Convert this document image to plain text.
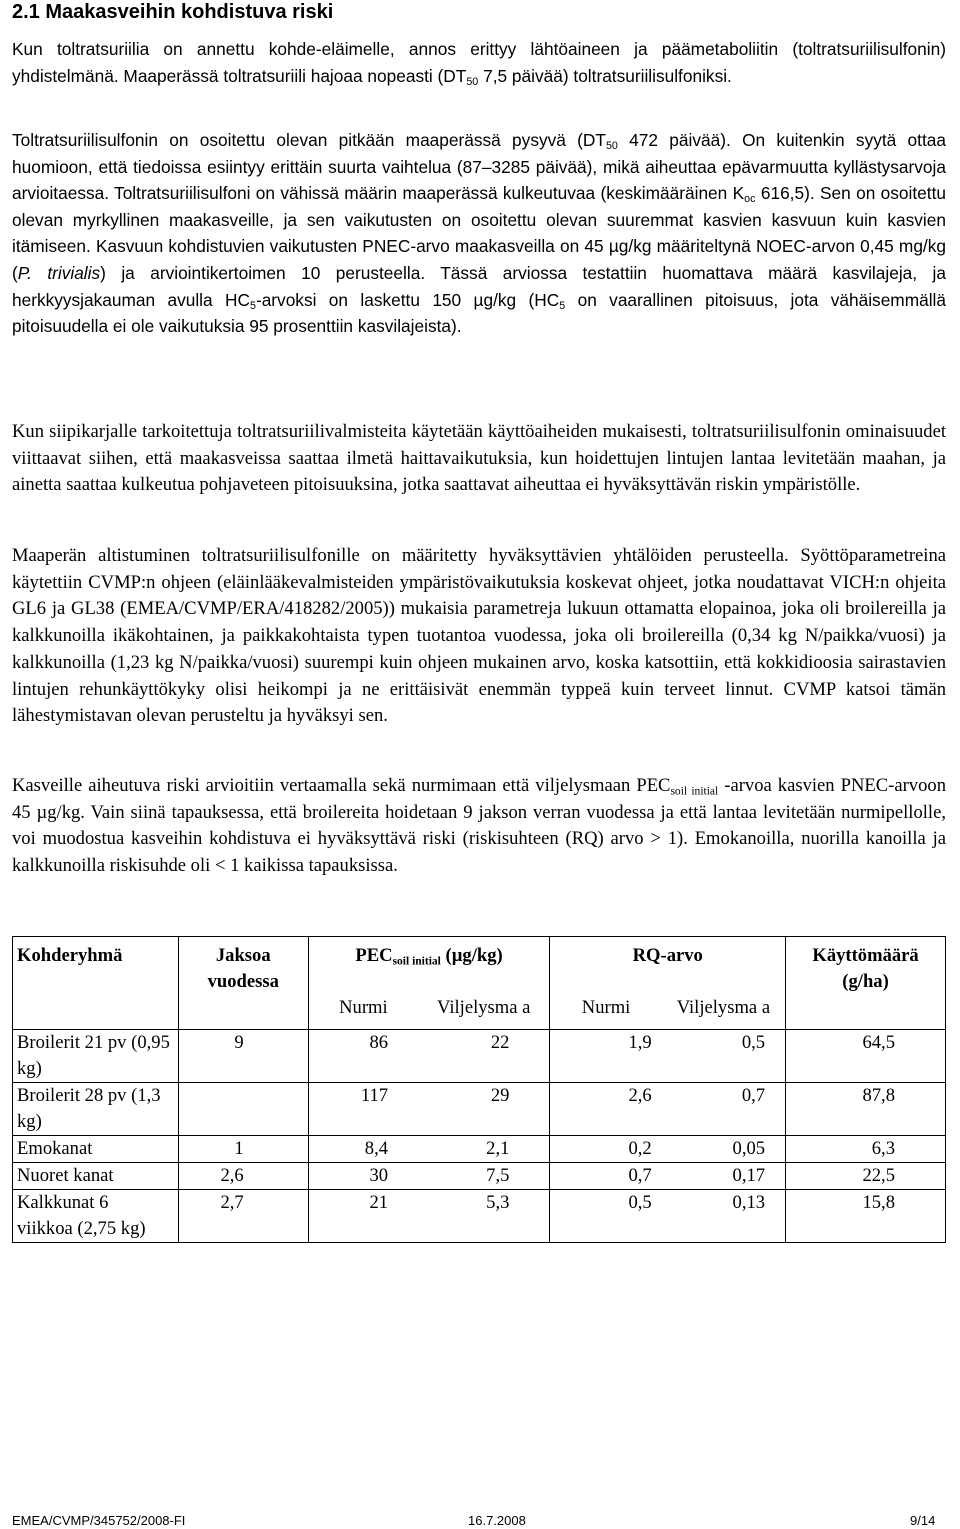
2.1 Maakasveihin kohdistuva riski

Kun toltratsuriilia on annettu kohde-eläimelle, annos erittyy lähtöaineen ja päämetaboliitin (toltratsuriilisulfonin) yhdistelmänä. Maaperässä toltratsuriili hajoaa nopeasti ($DT_{50}$ 7,5 päivää) toltratsuriilisulfoniksi.

Toltratsuriilisulfonin on osoitettu olevan pitkään maaperässä pysyvä ($DT_{50}$ 472 päivää). On kuitenkin syytä ottaa huomioon, että tiedoissa esiintyy erittäin suurta vaihtelua (87–3285 päivää), mikä aiheuttaa epävarmuutta kyllästysarvoja arvioitaessa. Toltratsuriilisulfoni on vähissä määrin maaperässä kulkeutuvaa (keskimääräinen $K_{oc}$ 616,5). Sen on osoitettu olevan myrkyllinen maakasveille, ja sen vaikutusten on osoitettu olevan suuremmat kasvien kasvuun kuin kasvien itämiseen. Kasvuun kohdistuvien vaikutusten PNEC-arvo maakasveilla on 45 µg/kg määriteltynä NOEC-arvon 0,45 mg/kg (P. trivialis) ja arviointikertoimen 10 perusteella. Tässä arviossa testattiin huomattava määrä kasvilajeja, ja herkkyysjakauman avulla $HC_5$-arvoksi on laskettu 150 µg/kg ($HC_5$ on vaarallinen pitoisuus, jota vähäisemmällä pitoisuudella ei ole vaikutuksia 95 prosenttiin kasvilajeista).

Kun siipikarjalle tarkoitettuja toltratsuriilivalmisteita käytetään käyttöaiheiden mukaisesti, toltratsuriilisulfonin ominaisuudet viittaavat siihen, että maakasveissa saattaa ilmetä haittavaikutuksia, kun hoidettujen lintujen lantaa levitetään maahan, ja ainetta saattaa kulkeutua pohjaveteen pitoisuuksina, jotka saattavat aiheuttaa ei hyväksyttävän riskin ympäristölle.

Maaperän altistuminen toltratsuriilisulfonille on määritetty hyväksyttävien yhtälöiden perusteella. Syöttöparametreina käytettiin CVMP:n ohjeen (eläinlääkevalmisteiden ympäristövaikutuksia koskevat ohjeet, jotka noudattavat VICH:n ohjeita GL6 ja GL38 (EMEA/CVMP/ERA/418282/2005)) mukaisia parametreja lukuun ottamatta elopainoa, joka oli broilereilla ja kalkkunoilla ikäkohtainen, ja paikkakohtaista typen tuotantoa vuodessa, joka oli broilereilla (0,34 kg N/paikka/vuosi) ja kalkkunoilla (1,23 kg N/paikka/vuosi) suurempi kuin ohjeen mukainen arvo, koska katsottiin, että kokkidioosia sairastavien lintujen rehunkäyttökyky olisi heikompi ja ne erittäisivät enemmän typpeä kuin terveet linnut. CVMP katsoi tämän lähestymistavan olevan perusteltu ja hyväksyi sen.

Kasveille aiheutuva riski arvioitiin vertaamalla sekä nurmimaan että viljelysmaan $PEC_{soil initial}$ -arvoa kasvien PNEC-arvoon 45 µg/kg. Vain siinä tapauksessa, että broilereita hoidetaan 9 jakson verran vuodessa ja että lantaa levitetään nurmipellolle, voi muodostua kasveihin kohdistuva ei hyväksyttävä riski (riskisuhteen (RQ) arvo > 1). Emokanoilla, nuorilla kanoilla ja kalkkunoilla riskisuhde oli < 1 kaikissa tapauksissa.

Kohderyhmä	Jaksoa vuodessa	$PEC_{soil initial}$ (µg/kg)		RQ-arvo		Käyttömäärä (g/ha)
		Nurmi	Viljelysma a	Nurmi	Viljelysma a	
Broilerit 21 pv (0,95 kg)	9	86	22	1,9	0,5	64,5
Broilerit 28 pv (1,3 kg)		117	29	2,6	0,7	87,8
Emokanat	1	8,4	2,1	0,2	0,05	6,3
Nuoret kanat	2,6	30	7,5	0,7	0,17	22,5
Kalkkunat 6 viikkoa (2,75 kg)	2,7	21	5,3	0,5	0,13	15,8
EMEA/CVMP/345752/2008-FI	16.7.2008	9/14
